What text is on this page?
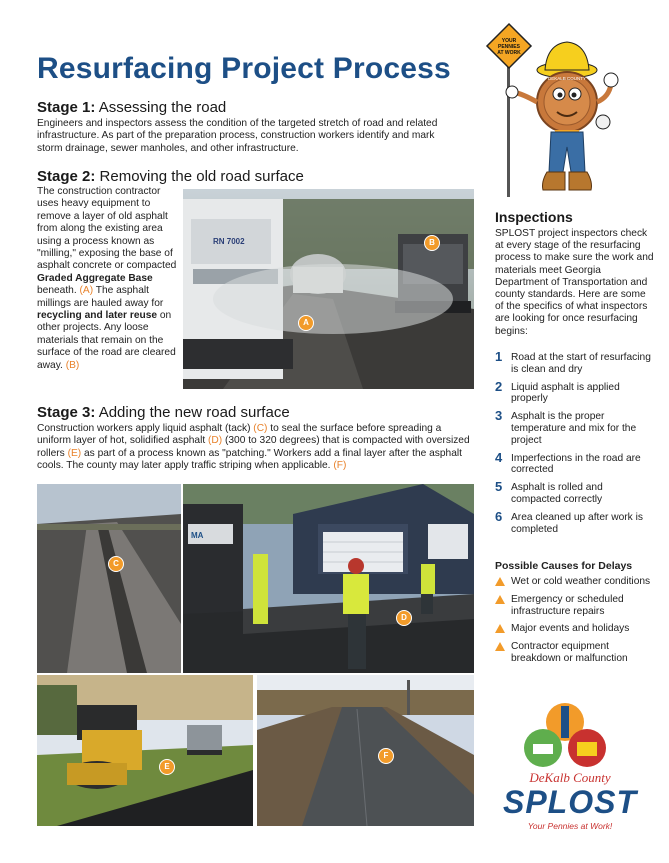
Resurfacing Project Process
Stage 1: Assessing the road
Engineers and inspectors assess the condition of the targeted stretch of road and related infrastructure. As part of the preparation process, construction workers identify and mark storm drainage, sewer manholes, and other infrastructure.
Stage 2: Removing the old road surface
The construction contractor uses heavy equipment to remove a layer of old asphalt from along the existing area using a process known as "milling," exposing the base of asphalt concrete or compacted Graded Aggregate Base beneath. (A) The asphalt millings are hauled away for recycling and later reuse on other projects. Any loose materials that remain on the surface of the road are cleared away. (B)
RN 7002
A
B
Stage 3: Adding the new road surface
Construction workers apply liquid asphalt (tack) (C) to seal the surface before spreading a uniform layer of hot, solidified asphalt (D) (300 to 320 degrees) that is compacted with oversized rollers (E) as part of a process known as "patching." Workers add a final layer after the asphalt cools. The county may later apply traffic striping when applicable. (F)
C
MA
D
E
F
YOUR
PENNIES
AT WORK
DEKALB COUNTY
Inspections
SPLOST project inspectors check at every stage of the resurfacing process to make sure the work and materials meet Georgia Department of Transportation and county standards. Here are some of the specifics of what inspectors are looking for once resurfacing begins:
1 Road at the start of resurfacing is clean and dry
2 Liquid asphalt is applied properly
3 Asphalt is the proper temperature and mix for the project
4 Imperfections in the road are corrected
5 Asphalt is rolled and compacted correctly
6 Area cleaned up after work is completed
Possible Causes for Delays
Wet or cold weather conditions
Emergency or scheduled infrastructure repairs
Major events and holidays
Contractor equipment breakdown or malfunction
DeKalb County
SPLOST
Your Pennies at Work!
